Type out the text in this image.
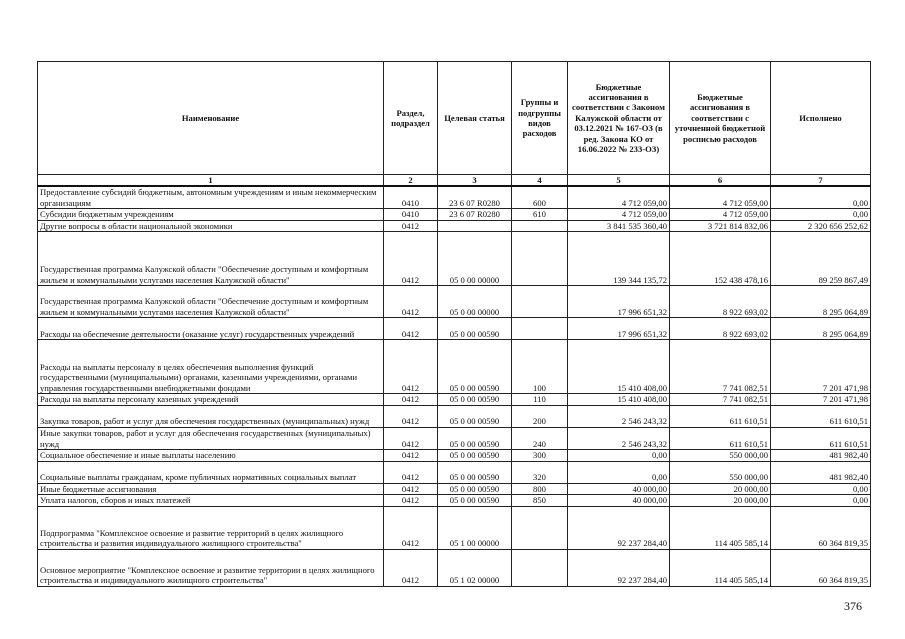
Наименование	Раздел, подраздел	Целевая статья	Группы и подгруппы видов расходов	Бюджетные ассигнования в соответствии с Законом Калужской области от 03.12.2021 № 167-ОЗ (в ред. Закона КО от 16.06.2022 № 233-ОЗ)	Бюджетные ассигнования в соответствии с уточненной бюджетной росписью расходов	Исполнено
1	2	3	4	5	6	7
Предоставление субсидий бюджетным, автономным учреждениям и иным некоммерческим организациям	0410	23 6 07 R0280	600	4 712 059,00	4 712 059,00	0,00
Субсидии бюджетным учреждениям	0410	23 6 07 R0280	610	4 712 059,00	4 712 059,00	0,00
Другие вопросы в области национальной экономики	0412			3 841 535 360,40	3 721 814 832,06	2 320 656 252,62
Государственная программа Калужской области "Обеспечение доступным и комфортным жильем и коммунальными услугами населения Калужской области"	0412	05 0 00 00000		139 344 135,72	152 438 478,16	89 259 867,49
Государственная программа Калужской области "Обеспечение доступным и комфортным жильем и коммунальными услугами населения Калужской области"	0412	05 0 00 00000		17 996 651,32	8 922 693,02	8 295 064,89
Расходы на обеспечение деятельности (оказание услуг) государственных учреждений	0412	05 0 00 00590		17 996 651,32	8 922 693,02	8 295 064,89
Расходы на выплаты персоналу в целях обеспечения выполнения функций государственными (муниципальными) органами, казенными учреждениями, органами управления государственными внебюджетными фондами	0412	05 0 00 00590	100	15 410 408,00	7 741 082,51	7 201 471,98
Расходы на выплаты персоналу казенных учреждений	0412	05 0 00 00590	110	15 410 408,00	7 741 082,51	7 201 471,98
Закупка товаров, работ и услуг для обеспечения государственных (муниципальных) нужд	0412	05 0 00 00590	200	2 546 243,32	611 610,51	611 610,51
Иные закупки товаров, работ и услуг для обеспечения государственных (муниципальных) нужд	0412	05 0 00 00590	240	2 546 243,32	611 610,51	611 610,51
Социальное обеспечение и иные выплаты населению	0412	05 0 00 00590	300	0,00	550 000,00	481 982,40
Социальные выплаты гражданам, кроме публичных нормативных социальных выплат	0412	05 0 00 00590	320	0,00	550 000,00	481 982,40
Иные бюджетные ассигнования	0412	05 0 00 00590	800	40 000,00	20 000,00	0,00
Уплата налогов, сборов и иных платежей	0412	05 0 00 00590	850	40 000,00	20 000,00	0,00
Подпрограмма "Комплексное освоение и развитие территорий в целях жилищного строительства и развития индивидуального жилищного строительства"	0412	05 1 00 00000		92 237 284,40	114 405 585,14	60 364 819,35
Основное мероприятие "Комплексное освоение и развитие территории в целях жилищного строительства и индивидуального жилищного строительства"	0412	05 1 02 00000		92 237 284,40	114 405 585,14	60 364 819,35
376
